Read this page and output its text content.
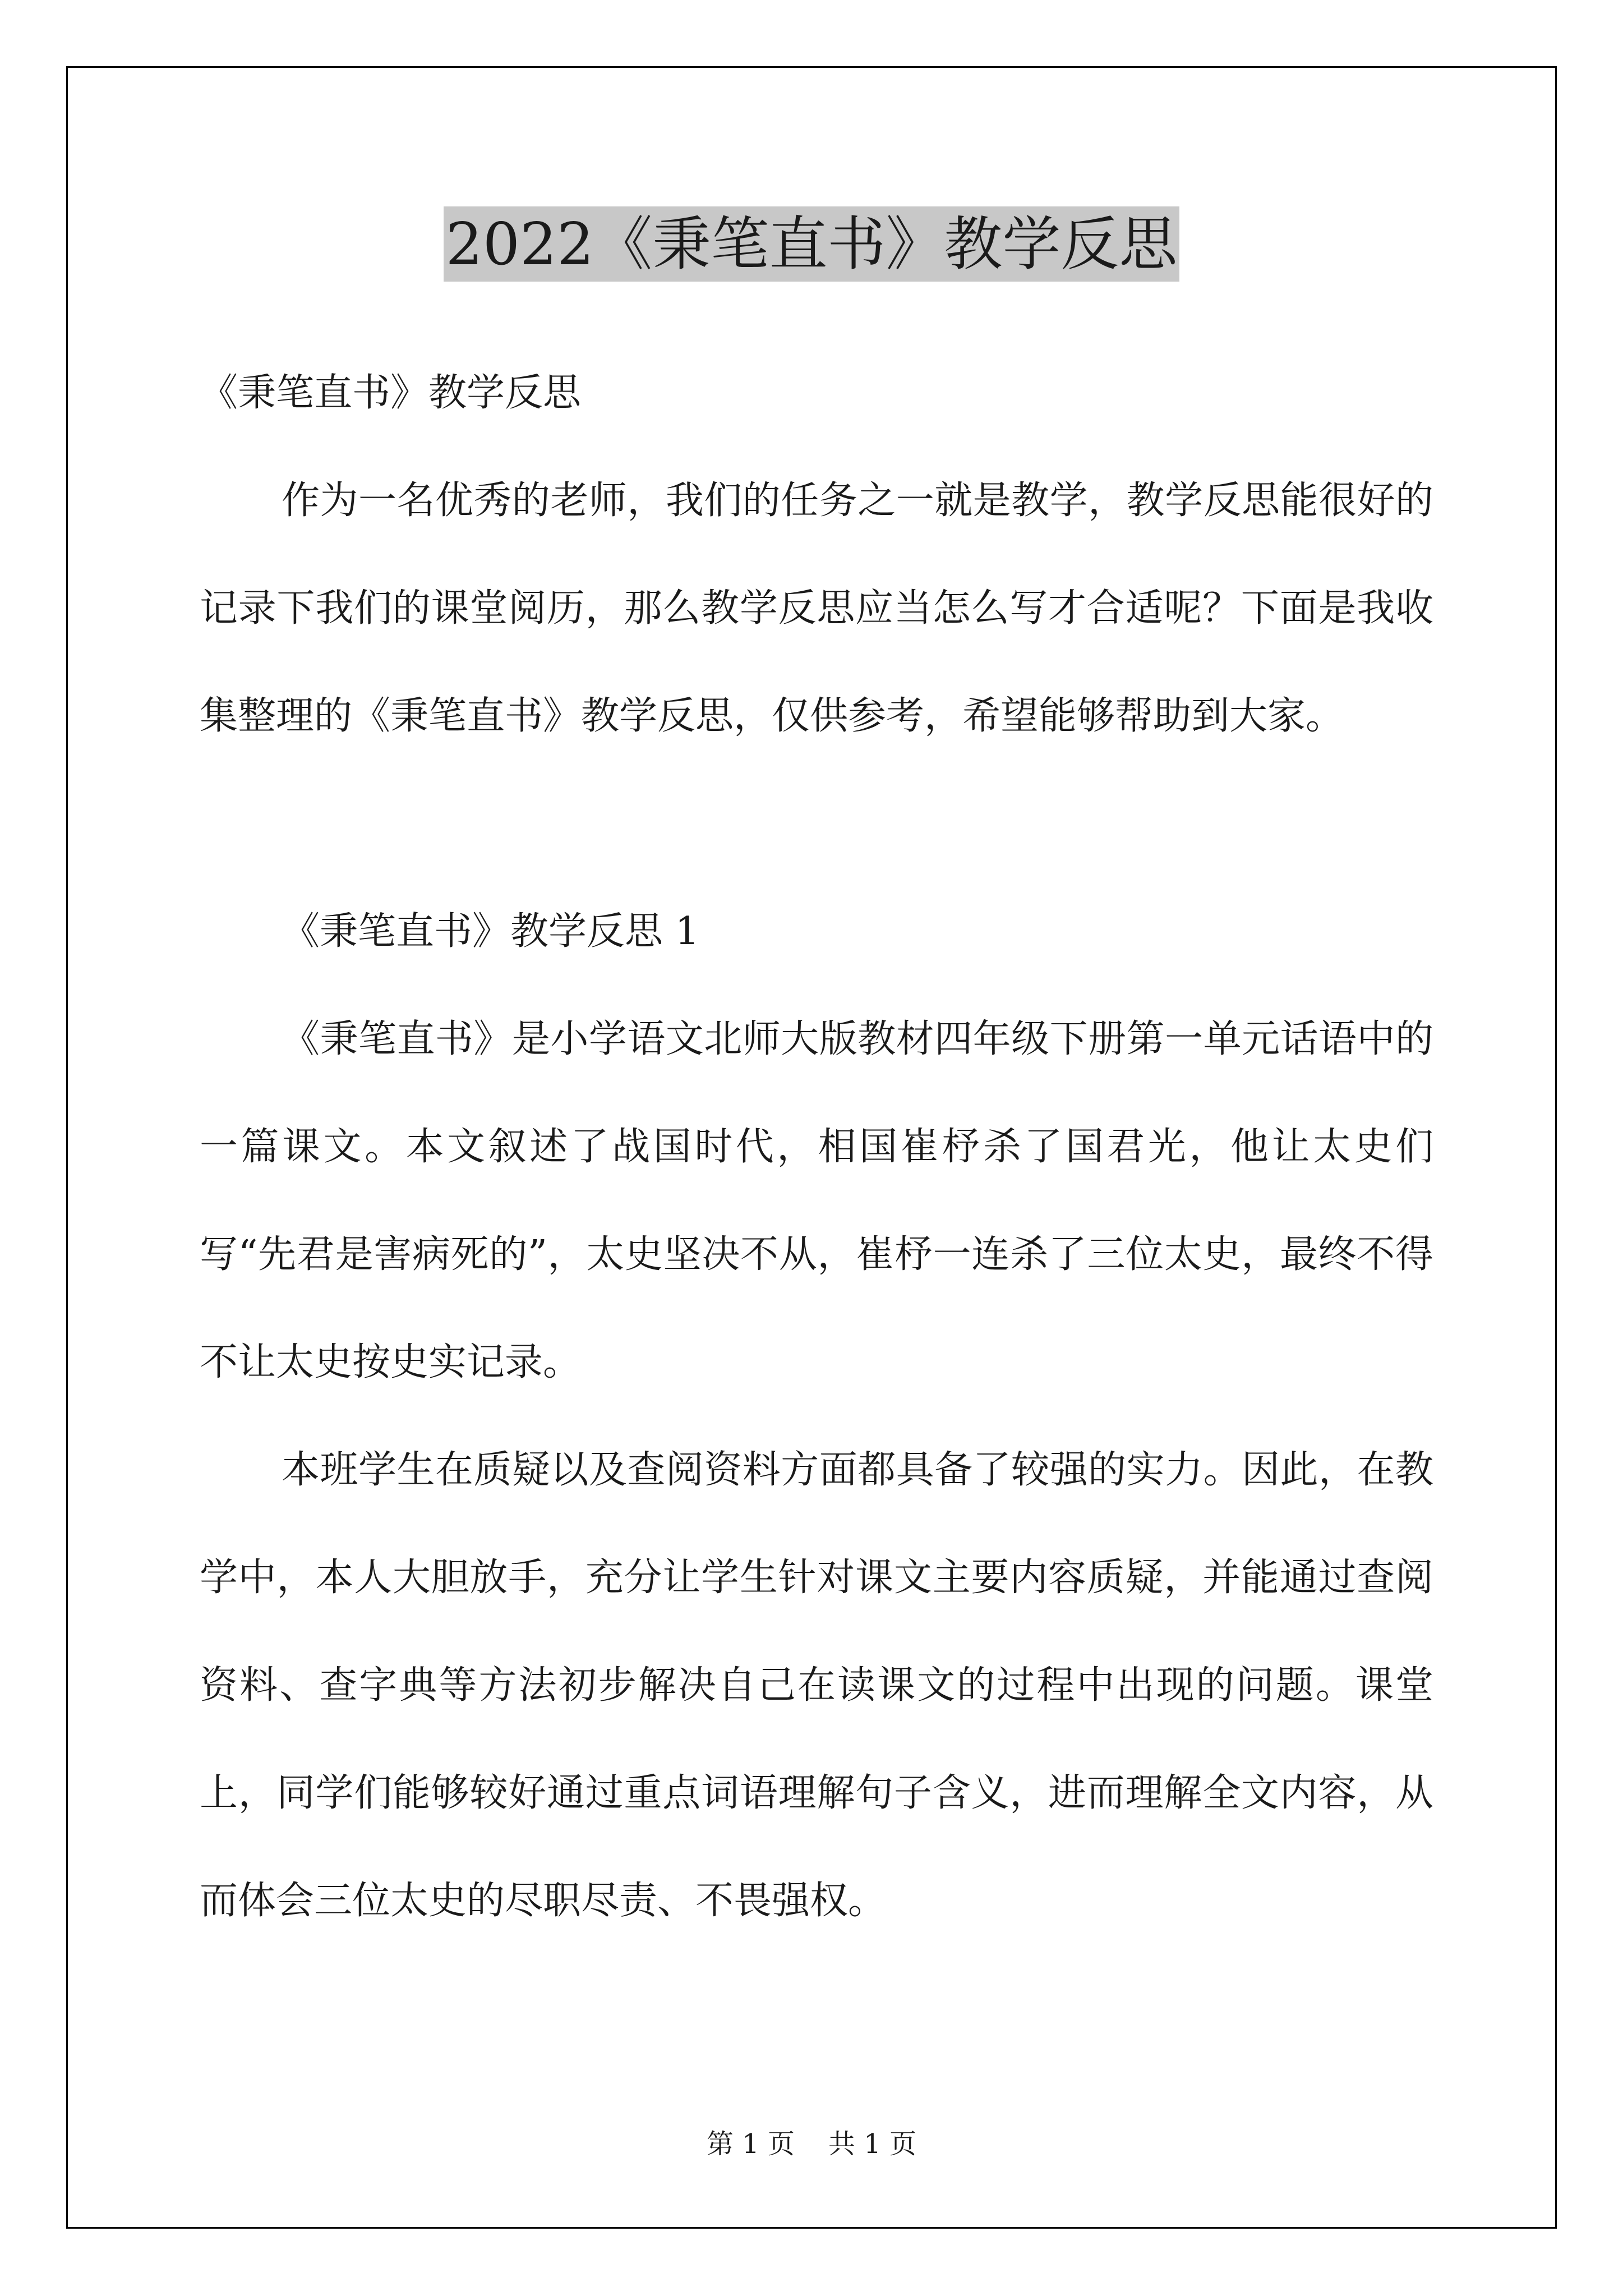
2022《秉笔直书》教学反思

《秉笔直书》教学反思

作为一名优秀的老师，我们的任务之一就是教学，教学反思能很好的记录下我们的课堂阅历，那么教学反思应当怎么写才合适呢？下面是我收集整理的《秉笔直书》教学反思，仅供参考，希望能够帮助到大家。

《秉笔直书》教学反思 1

《秉笔直书》是小学语文北师大版教材四年级下册第一单元话语中的一篇课文。本文叙述了战国时代，相国崔杼杀了国君光，他让太史们写“先君是害病死的”，太史坚决不从，崔杼一连杀了三位太史，最终不得不让太史按史实记录。

本班学生在质疑以及查阅资料方面都具备了较强的实力。因此，在教学中，本人大胆放手，充分让学生针对课文主要内容质疑，并能通过查阅资料、查字典等方法初步解决自己在读课文的过程中出现的问题。课堂上，同学们能够较好通过重点词语理解句子含义，进而理解全文内容，从而体会三位太史的尽职尽责、不畏强权。

第 1 页 共 1 页
